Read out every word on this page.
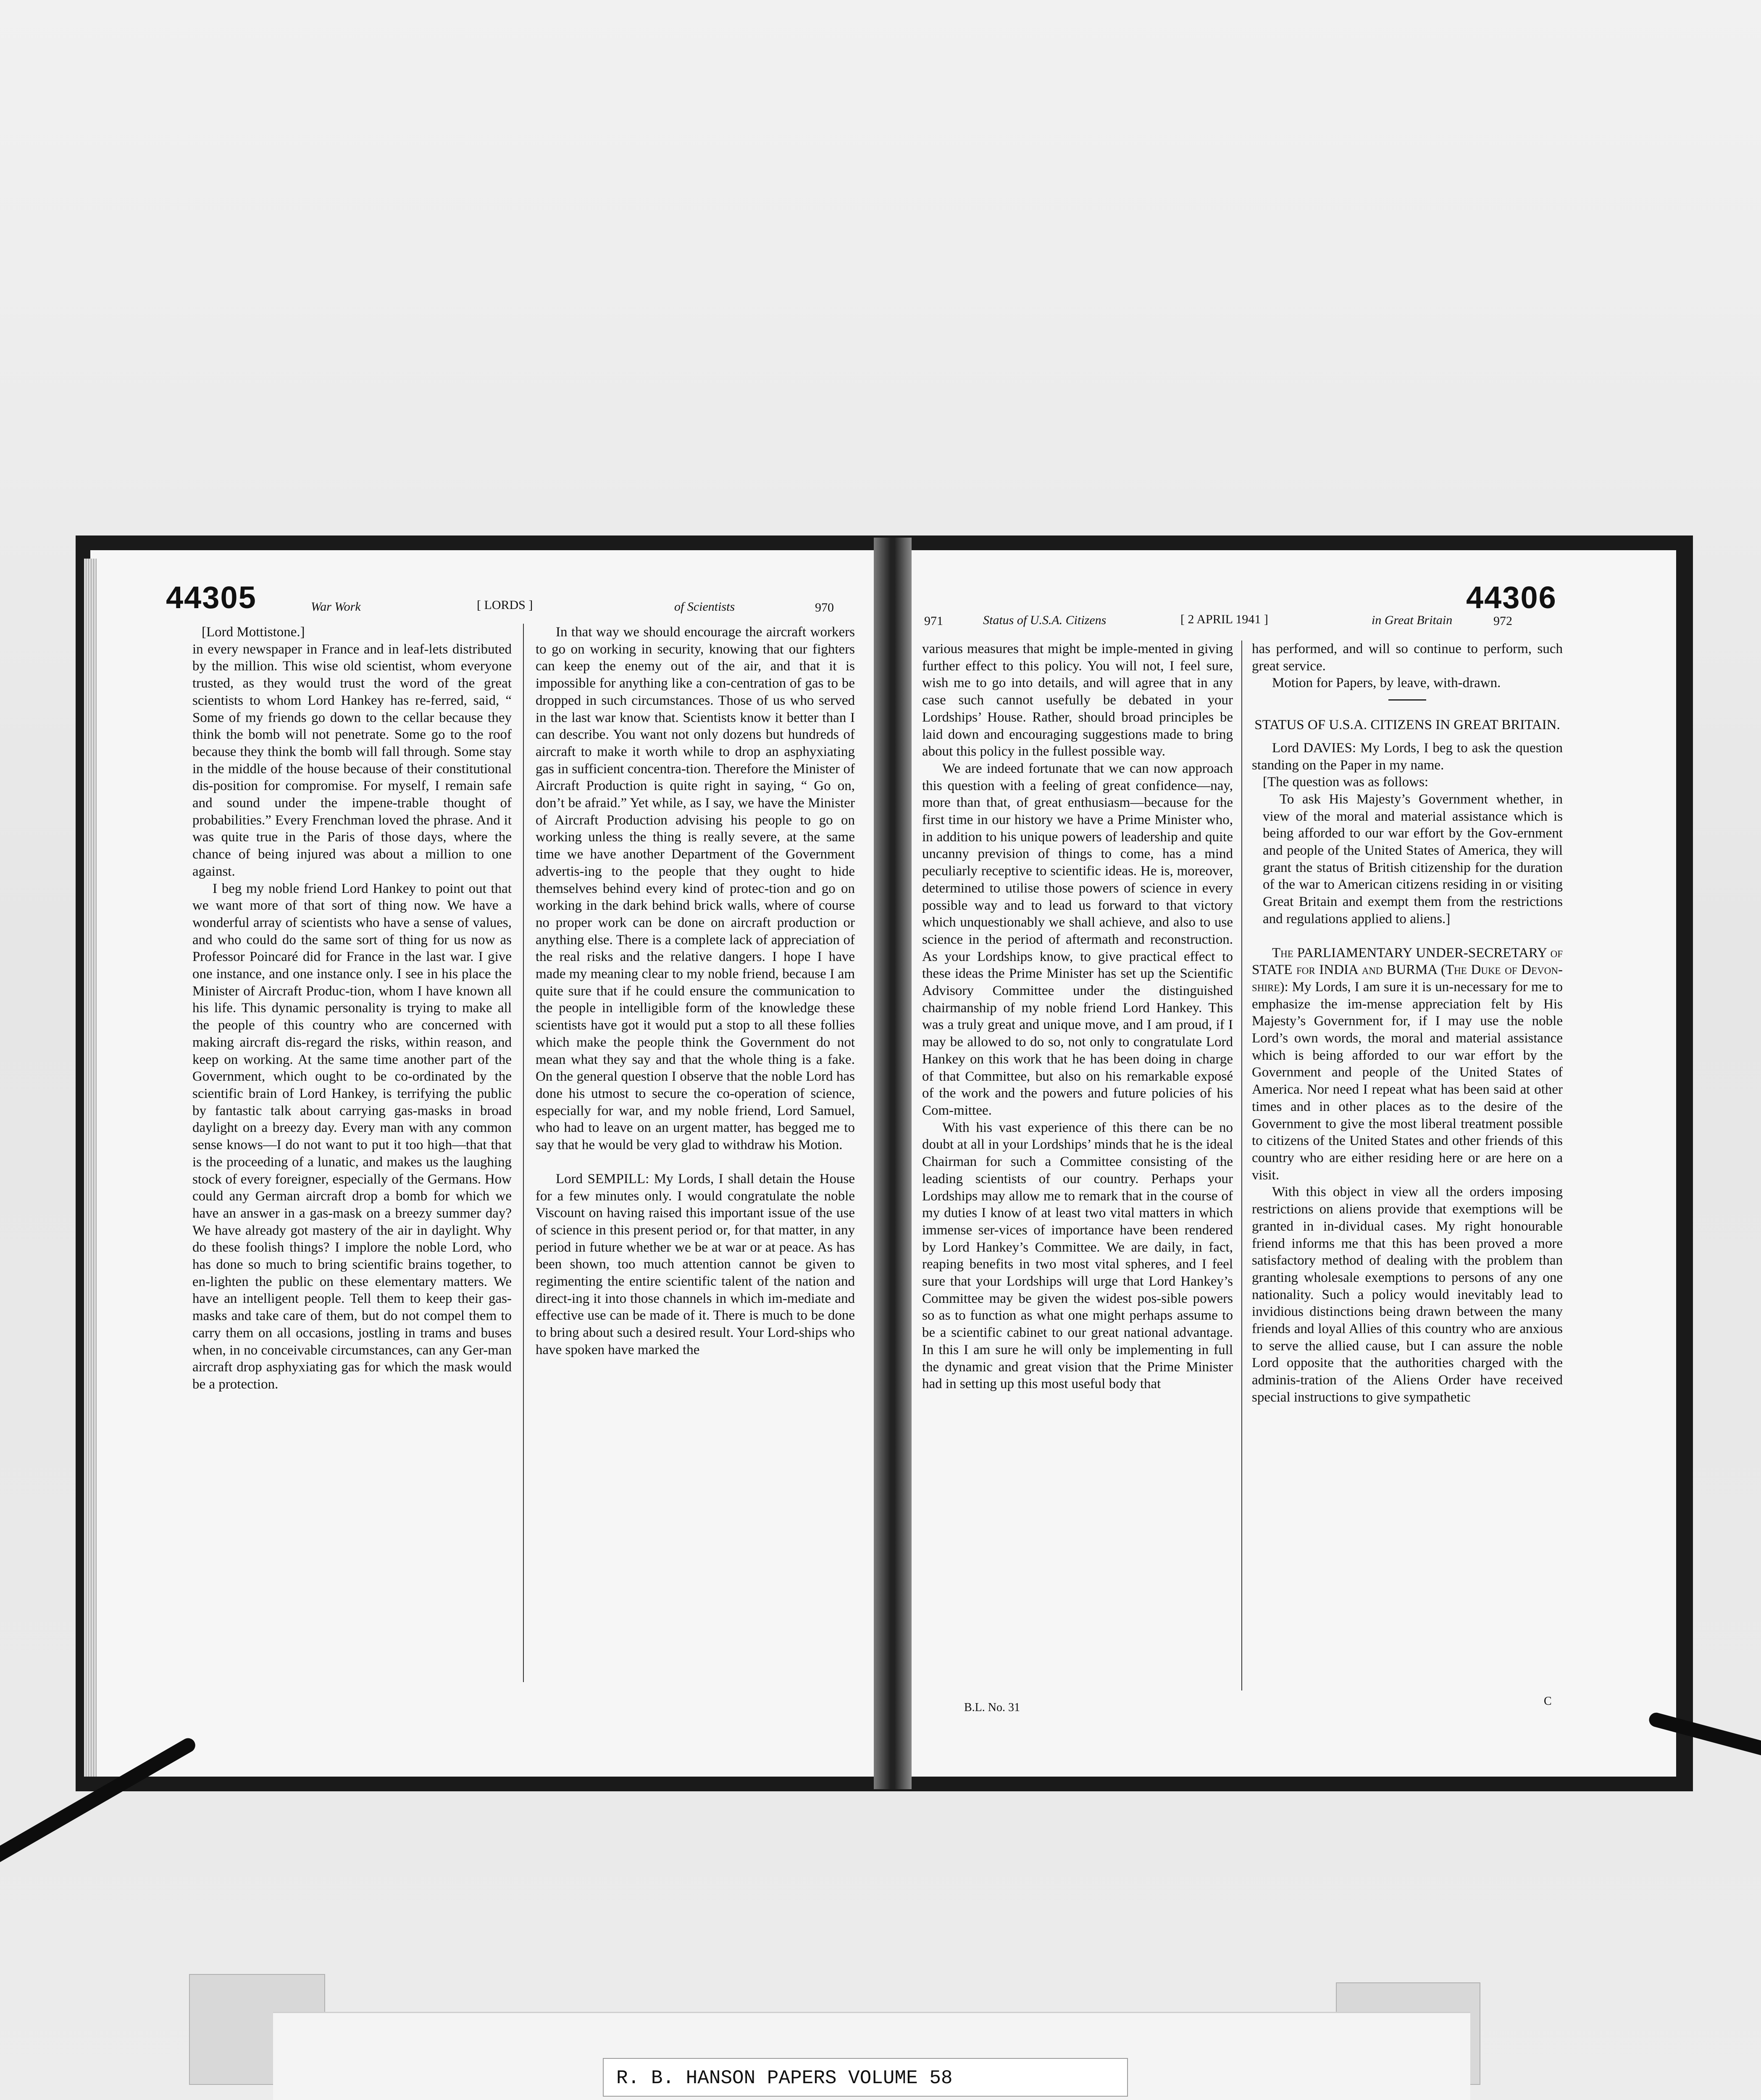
44305	War Work	[ LORDS ]	of Scientists	970

[Lord Mottistone.]

in every newspaper in France and in leaf-lets distributed by the million. This wise old scientist, whom everyone trusted, as they would trust the word of the great scientists to whom Lord Hankey has re-ferred, said, “ Some of my friends go down to the cellar because they think the bomb will not penetrate. Some go to the roof because they think the bomb will fall through. Some stay in the middle of the house because of their constitutional dis-position for compromise. For myself, I remain safe and sound under the impene-trable thought of probabilities.” Every Frenchman loved the phrase. And it was quite true in the Paris of those days, where the chance of being injured was about a million to one against.

I beg my noble friend Lord Hankey to point out that we want more of that sort of thing now. We have a wonderful array of scientists who have a sense of values, and who could do the same sort of thing for us now as Professor Poincaré did for France in the last war. I give one instance, and one instance only. I see in his place the Minister of Aircraft Produc-tion, whom I have known all his life. This dynamic personality is trying to make all the people of this country who are concerned with making aircraft dis-regard the risks, within reason, and keep on working. At the same time another part of the Government, which ought to be co-ordinated by the scientific brain of Lord Hankey, is terrifying the public by fantastic talk about carrying gas-masks in broad daylight on a breezy day. Every man with any common sense knows—I do not want to put it too high—that that is the proceeding of a lunatic, and makes us the laughing stock of every foreigner, especially of the Germans. How could any German aircraft drop a bomb for which we have an answer in a gas-mask on a breezy summer day? We have already got mastery of the air in daylight. Why do these foolish things? I implore the noble Lord, who has done so much to bring scientific brains together, to en-lighten the public on these elementary matters. We have an intelligent people. Tell them to keep their gas-masks and take care of them, but do not compel them to carry them on all occasions, jostling in trams and buses when, in no conceivable circumstances, can any Ger-man aircraft drop asphyxiating gas for which the mask would be a protection.

In that way we should encourage the aircraft workers to go on working in security, knowing that our fighters can keep the enemy out of the air, and that it is impossible for anything like a con-centration of gas to be dropped in such circumstances. Those of us who served in the last war know that. Scientists know it better than I can describe. You want not only dozens but hundreds of aircraft to make it worth while to drop an asphyxiating gas in sufficient concentra-tion. Therefore the Minister of Aircraft Production is quite right in saying, “ Go on, don’t be afraid.” Yet while, as I say, we have the Minister of Aircraft Production advising his people to go on working unless the thing is really severe, at the same time we have another Department of the Government advertis-ing to the people that they ought to hide themselves behind every kind of protec-tion and go on working in the dark behind brick walls, where of course no proper work can be done on aircraft production or anything else. There is a complete lack of appreciation of the real risks and the relative dangers. I hope I have made my meaning clear to my noble friend, because I am quite sure that if he could ensure the communication to the people in intelligible form of the knowledge these scientists have got it would put a stop to all these follies which make the people think the Government do not mean what they say and that the whole thing is a fake. On the general question I observe that the noble Lord has done his utmost to secure the co-operation of science, especially for war, and my noble friend, Lord Samuel, who had to leave on an urgent matter, has begged me to say that he would be very glad to withdraw his Motion.

Lord SEMPILL: My Lords, I shall detain the House for a few minutes only. I would congratulate the noble Viscount on having raised this important issue of the use of science in this present period or, for that matter, in any period in future whether we be at war or at peace. As has been shown, too much attention cannot be given to regimenting the entire scientific talent of the nation and direct-ing it into those channels in which im-mediate and effective use can be made of it. There is much to be done to bring about such a desired result. Your Lord-ships who have spoken have marked the

44306
971	Status of U.S.A. Citizens	[ 2 APRIL 1941 ]	in Great Britain	972

various measures that might be imple-mented in giving further effect to this policy. You will not, I feel sure, wish me to go into details, and will agree that in any case such cannot usefully be debated in your Lordships’ House. Rather, should broad principles be laid down and encouraging suggestions made to bring about this policy in the fullest possible way.

We are indeed fortunate that we can now approach this question with a feeling of great confidence—nay, more than that, of great enthusiasm—because for the first time in our history we have a Prime Minister who, in addition to his unique powers of leadership and quite uncanny prevision of things to come, has a mind peculiarly receptive to scientific ideas. He is, moreover, determined to utilise those powers of science in every possible way and to lead us forward to that victory which unquestionably we shall achieve, and also to use science in the period of aftermath and reconstruction. As your Lordships know, to give practical effect to these ideas the Prime Minister has set up the Scientific Advisory Committee under the distinguished chairmanship of my noble friend Lord Hankey. This was a truly great and unique move, and I am proud, if I may be allowed to do so, not only to congratulate Lord Hankey on this work that he has been doing in charge of that Committee, but also on his remarkable exposé of the work and the powers and future policies of his Com-mittee.

With his vast experience of this there can be no doubt at all in your Lordships’ minds that he is the ideal Chairman for such a Committee consisting of the leading scientists of our country. Perhaps your Lordships may allow me to remark that in the course of my duties I know of at least two vital matters in which immense ser-vices of importance have been rendered by Lord Hankey’s Committee. We are daily, in fact, reaping benefits in two most vital spheres, and I feel sure that your Lordships will urge that Lord Hankey’s Committee may be given the widest pos-sible powers so as to function as what one might perhaps assume to be a scientific cabinet to our great national advantage. In this I am sure he will only be implementing in full the dynamic and great vision that the Prime Minister had in setting up this most useful body that

has performed, and will so continue to perform, such great service.

Motion for Papers, by leave, with-drawn.

STATUS OF U.S.A. CITIZENS IN GREAT BRITAIN.

Lord DAVIES: My Lords, I beg to ask the question standing on the Paper in my name.

[The question was as follows:

To ask His Majesty’s Government whether, in view of the moral and material assistance which is being afforded to our war effort by the Gov-ernment and people of the United States of America, they will grant the status of British citizenship for the duration of the war to American citizens residing in or visiting Great Britain and exempt them from the restrictions and regulations applied to aliens.]

The PARLIAMENTARY UNDER-SECRETARY of STATE for INDIA and BURMA (The Duke of Devon-shire): My Lords, I am sure it is un-necessary for me to emphasize the im-mense appreciation felt by His Majesty’s Government for, if I may use the noble Lord’s own words, the moral and material assistance which is being afforded to our war effort by the Government and people of the United States of America. Nor need I repeat what has been said at other times and in other places as to the desire of the Government to give the most liberal treatment possible to citizens of the United States and other friends of this country who are either residing here or are here on a visit.

With this object in view all the orders imposing restrictions on aliens provide that exemptions will be granted in in-dividual cases. My right honourable friend informs me that this has been proved a more satisfactory method of dealing with the problem than granting wholesale exemptions to persons of any one nationality. Such a policy would inevitably lead to invidious distinctions being drawn between the many friends and loyal Allies of this country who are anxious to serve the allied cause, but I can assure the noble Lord opposite that the authorities charged with the adminis-tration of the Aliens Order have received special instructions to give sympathetic

B.L. No. 31	C
R. B. HANSON PAPERS VOLUME 58
